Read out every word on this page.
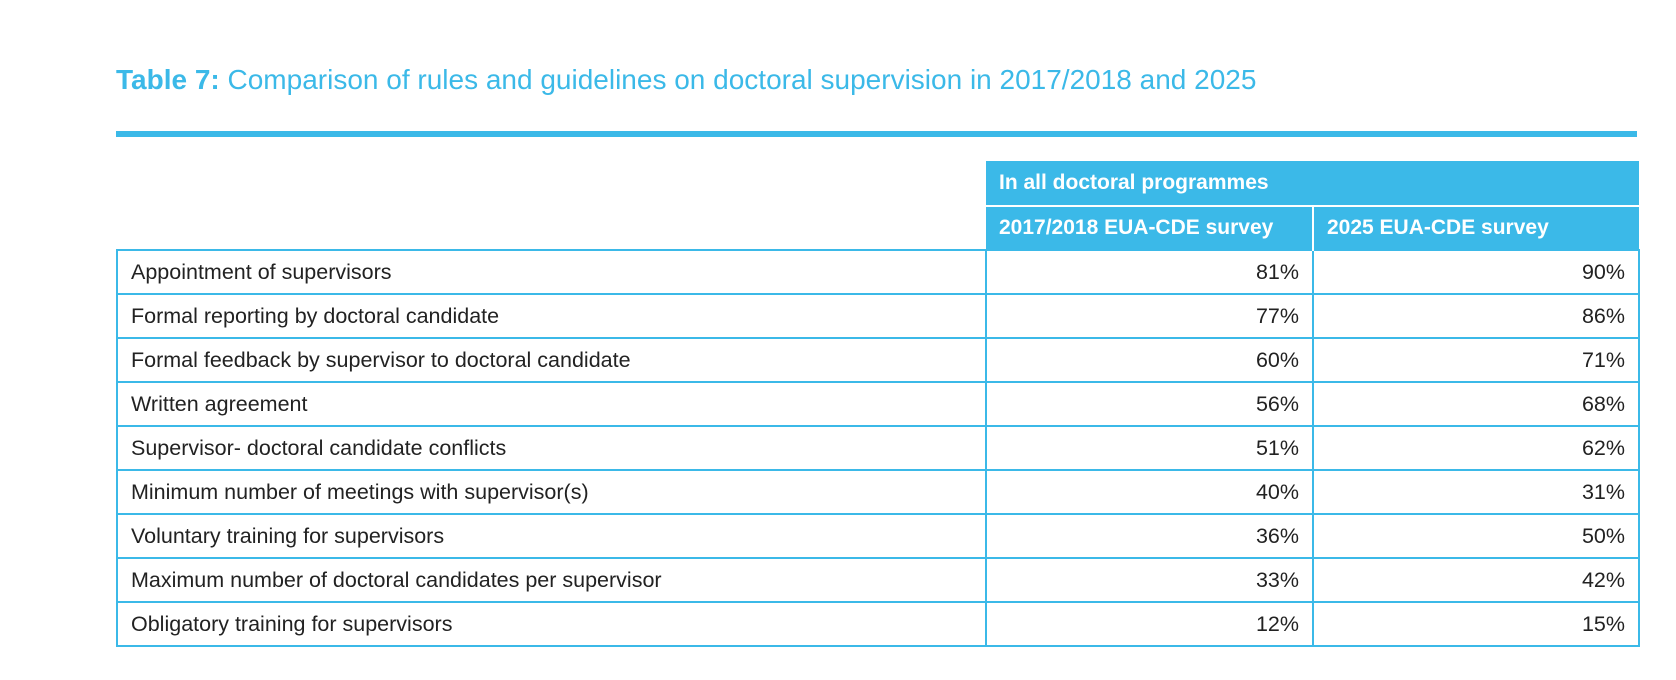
Table 7: Comparison of rules and guidelines on doctoral supervision in 2017/2018 and 2025
	In all doctoral programmes	
	2017/2018 EUA-CDE survey	2025 EUA-CDE survey
Appointment of supervisors	81%	90%
Formal reporting by doctoral candidate	77%	86%
Formal feedback by supervisor to doctoral candidate	60%	71%
Written agreement	56%	68%
Supervisor- doctoral candidate conflicts	51%	62%
Minimum number of meetings with supervisor(s)	40%	31%
Voluntary training for supervisors	36%	50%
Maximum number of doctoral candidates per supervisor	33%	42%
Obligatory training for supervisors	12%	15%
